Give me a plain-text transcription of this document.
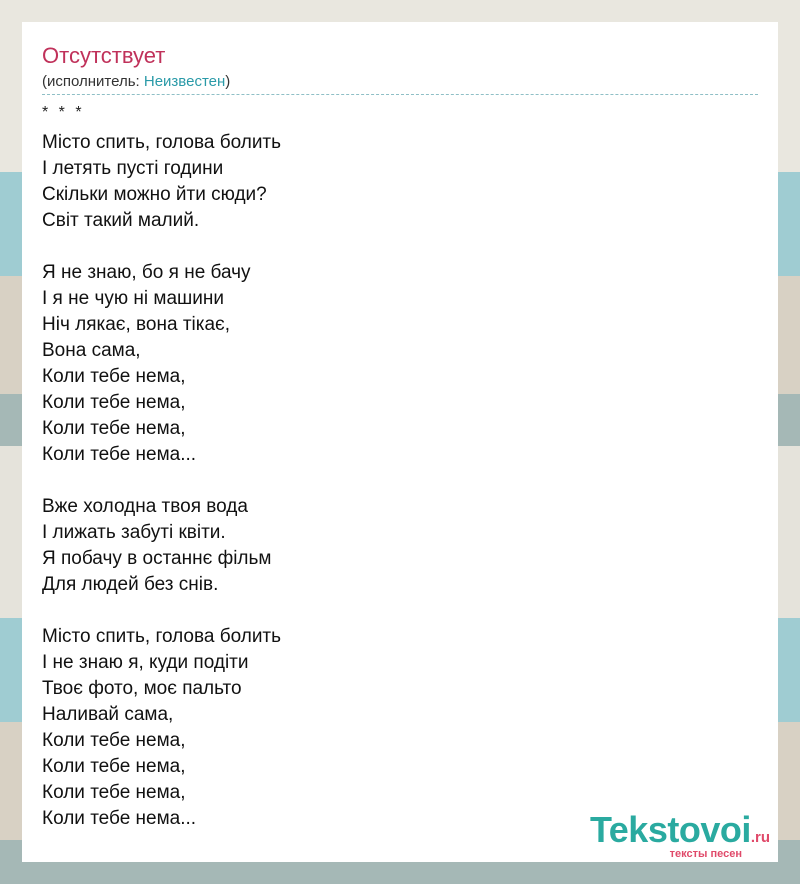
Отсутствует
(исполнитель: Неизвестен)
* * *
Місто спить, голова болить
І летять пусті години
Скільки можно йти сюди?
Світ такий малий.
Я не знаю, бо я не бачу
І я не чую ні машини
Ніч лякає, вона тікає,
Вона сама,
Коли тебе нема,
Коли тебе нема,
Коли тебе нема,
Коли тебе нема...
Вже холодна твоя вода
І лижать забуті квіти.
Я побачу в останнє фільм
Для людей без снів.
Місто спить, голова болить
І не знаю я, куди подіти
Твоє фото, моє пальто
Наливай сама,
Коли тебе нема,
Коли тебе нема,
Коли тебе нема,
Коли тебе нема...	Tekstovoi.ru
тексты песен
